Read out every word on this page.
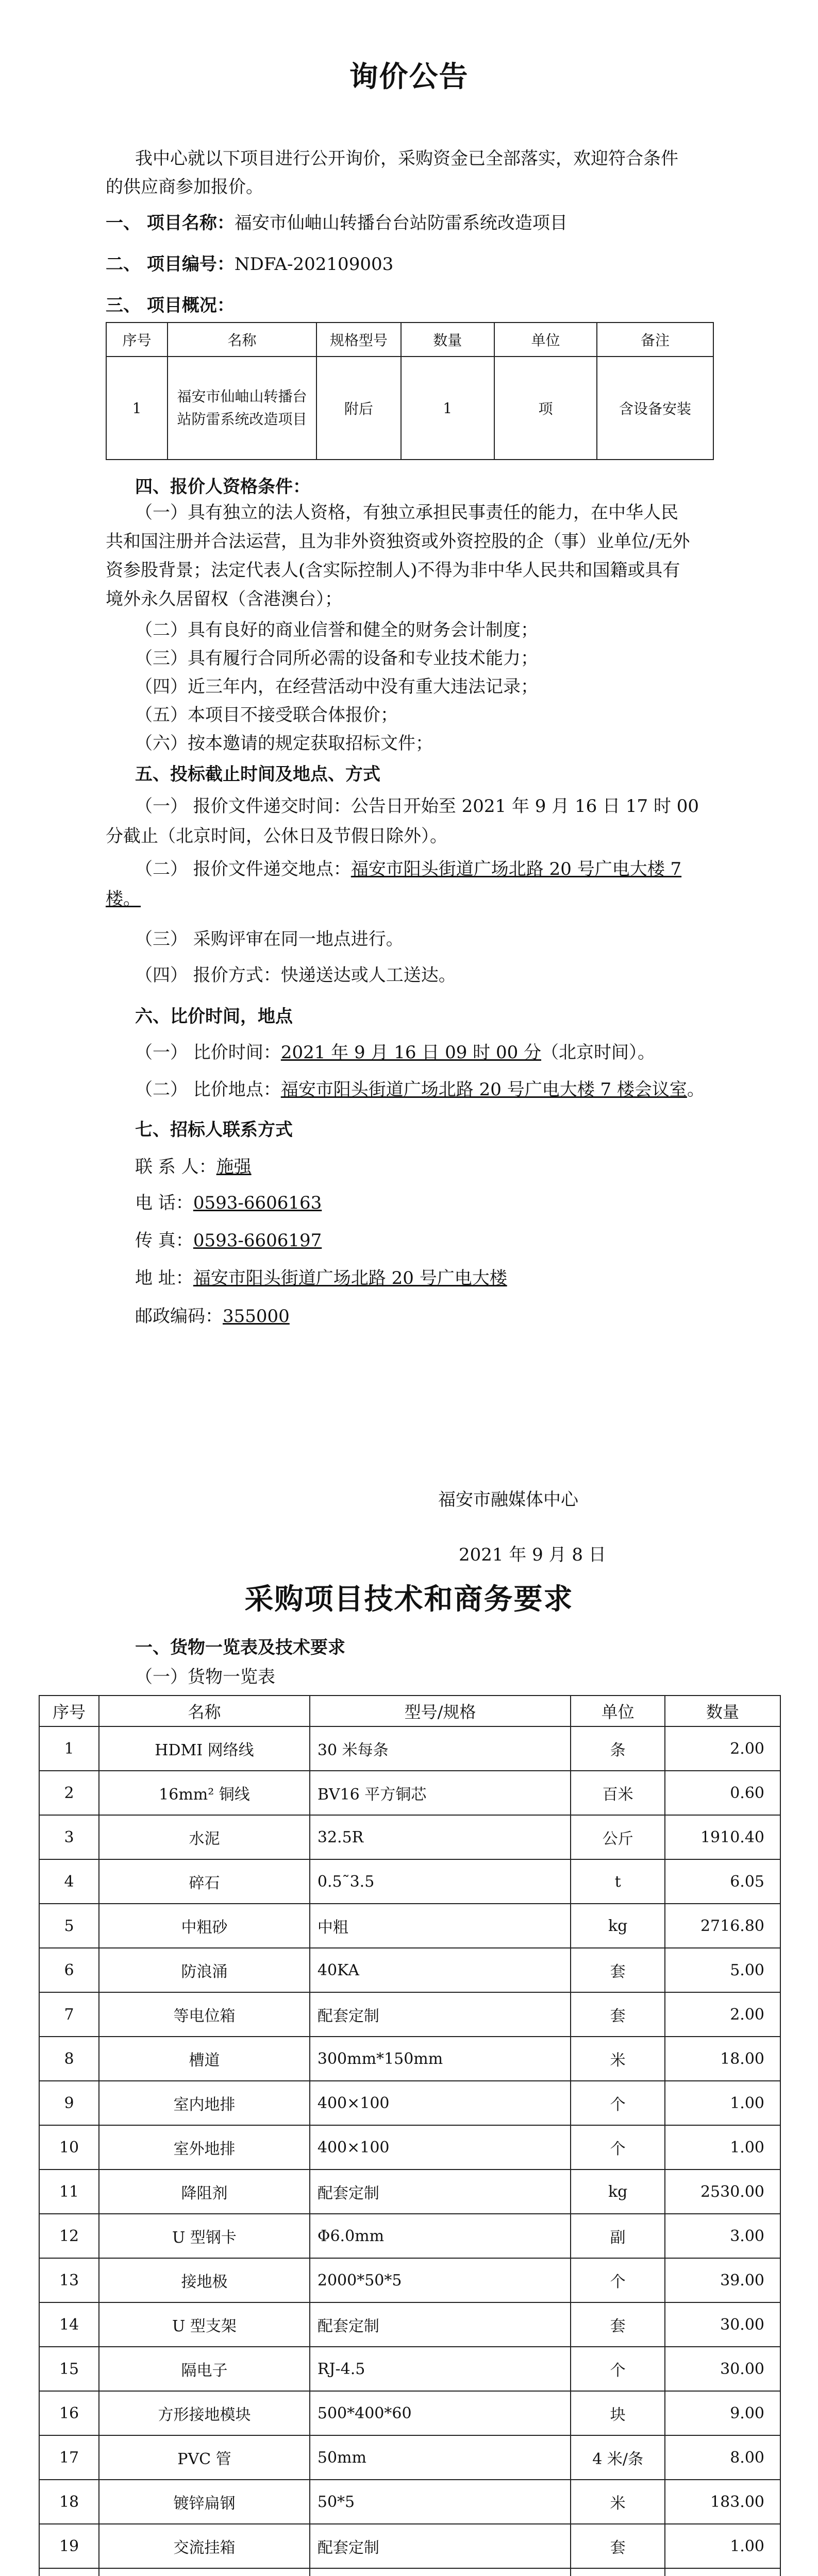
询价公告
我中心就以下项目进行公开询价，采购资金已全部落实，欢迎符合条件
的供应商参加报价。
一、 项目名称：福安市仙岫山转播台台站防雷系统改造项目
二、 项目编号：NDFA-202109003
三、 项目概况：
序号	名称	规格型号	数量	单位	备注
1	福安市仙岫山转播台站防雷系统改造项目	附后	1	项	含设备安装
四、报价人资格条件：
（一）具有独立的法人资格，有独立承担民事责任的能力，在中华人民
共和国注册并合法运营，且为非外资独资或外资控股的企（事）业单位/无外
资参股背景；法定代表人(含实际控制人)不得为非中华人民共和国籍或具有
境外永久居留权（含港澳台）；
（二）具有良好的商业信誉和健全的财务会计制度；
（三）具有履行合同所必需的设备和专业技术能力；
（四）近三年内，在经营活动中没有重大违法记录；
（五）本项目不接受联合体报价；
（六）按本邀请的规定获取招标文件；
五、投标截止时间及地点、方式
（一） 报价文件递交时间：公告日开始至 2021 年 9 月 16 日 17 时 00
分截止（北京时间，公休日及节假日除外）。
（二） 报价文件递交地点：福安市阳头街道广场北路 20 号广电大楼 7
楼。
（三） 采购评审在同一地点进行。
（四） 报价方式：快递送达或人工送达。
六、比价时间，地点
（一） 比价时间：2021 年 9 月 16 日 09 时 00 分（北京时间）。
（二） 比价地点：福安市阳头街道广场北路 20 号广电大楼 7 楼会议室。
七、招标人联系方式
联 系 人：施强
电 话：0593-6606163
传 真：0593-6606197
地 址：福安市阳头街道广场北路 20 号广电大楼
邮政编码：355000
福安市融媒体中心
2021 年 9 月 8 日
采购项目技术和商务要求
一、货物一览表及技术要求
（一）货物一览表
序号	名称	型号/规格	单位	数量
1	HDMI 网络线	30 米每条	条	2.00
2	16mm² 铜线	BV16 平方铜芯	百米	0.60
3	水泥	32.5R	公斤	1910.40
4	碎石	0.5˜3.5	t	6.05
5	中粗砂	中粗	kg	2716.80
6	防浪涌	40KA	套	5.00
7	等电位箱	配套定制	套	2.00
8	槽道	300mm*150mm	米	18.00
9	室内地排	400×100	个	1.00
10	室外地排	400×100	个	1.00
11	降阻剂	配套定制	kg	2530.00
12	U 型钢卡	Φ6.0mm	副	3.00
13	接地极	2000*50*5	个	39.00
14	U 型支架	配套定制	套	30.00
15	隔电子	RJ-4.5	个	30.00
16	方形接地模块	500*400*60	块	9.00
17	PVC 管	50mm	4 米/条	8.00
18	镀锌扁钢	50*5	米	183.00
19	交流挂箱	配套定制	套	1.00
